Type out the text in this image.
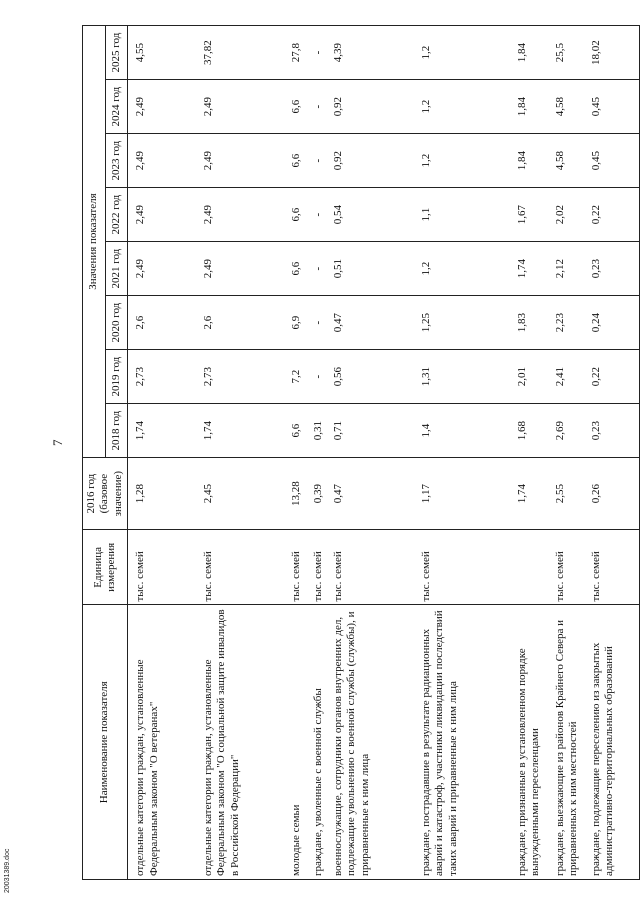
7
20031389.doc
Наименование показателя	Единица измерения	2016 год (базовое значение)	Значения показателя							
			2018 год	2019 год	2020 год	2021 год	2022 год	2023 год	2024 год	2025 год
отдельные категории граждан, установленные Федеральным законом "О ветеранах"	тыс. семей	1,28	1,74	2,73	2,6	2,49	2,49	2,49	2,49	4,55
отдельные категории граждан, установленные Федеральным законом "О социальной защите инвалидов в Российской Федерации"	тыс. семей	2,45	1,74	2,73	2,6	2,49	2,49	2,49	2,49	37,82
молодые семьи	тыс. семей	13,28	6,6	7,2	6,9	6,6	6,6	6,6	6,6	27,8
граждане, уволенные с военной службы	тыс. семей	0,39	0,31	-	-	-	-	-	-	-
военнослужащие, сотрудники органов внутренних дел, подлежащие увольнению с военной службы (службы), и приравненные к ним лица	тыс. семей	0,47	0,71	0,56	0,47	0,51	0,54	0,92	0,92	4,39
граждане, пострадавшие в результате радиационных аварий и катастроф, участники ликвидации последствий таких аварий и приравненные к ним лица	тыс. семей	1,17	1,4	1,31	1,25	1,2	1,1	1,2	1,2	1,2
граждане, признанные в установленном порядке вынужденными переселенцами		1,74	1,68	2,01	1,83	1,74	1,67	1,84	1,84	1,84
граждане, выезжающие из районов Крайнего Севера и приравненных к ним местностей	тыс. семей	2,55	2,69	2,41	2,23	2,12	2,02	4,58	4,58	25,5
граждане, подлежащие переселению из закрытых административно-территориальных образований	тыс. семей	0,26	0,23	0,22	0,24	0,23	0,22	0,45	0,45	18,02
